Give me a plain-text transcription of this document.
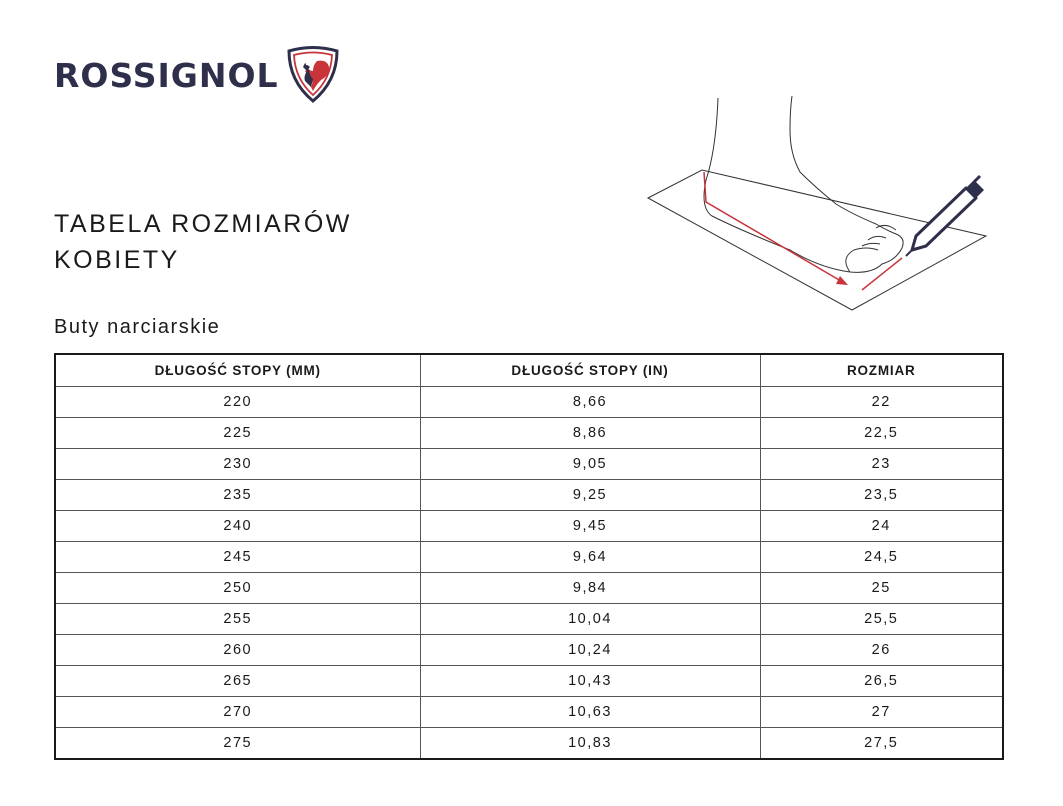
ROSSIGNOL
TABELA ROZMIARÓW
KOBIETY
Buty narciarskie
DŁUGOŚĆ STOPY (MM)	DŁUGOŚĆ STOPY (IN)	ROZMIAR
220	8,66	22
225	8,86	22,5
230	9,05	23
235	9,25	23,5
240	9,45	24
245	9,64	24,5
250	9,84	25
255	10,04	25,5
260	10,24	26
265	10,43	26,5
270	10,63	27
275	10,83	27,5
